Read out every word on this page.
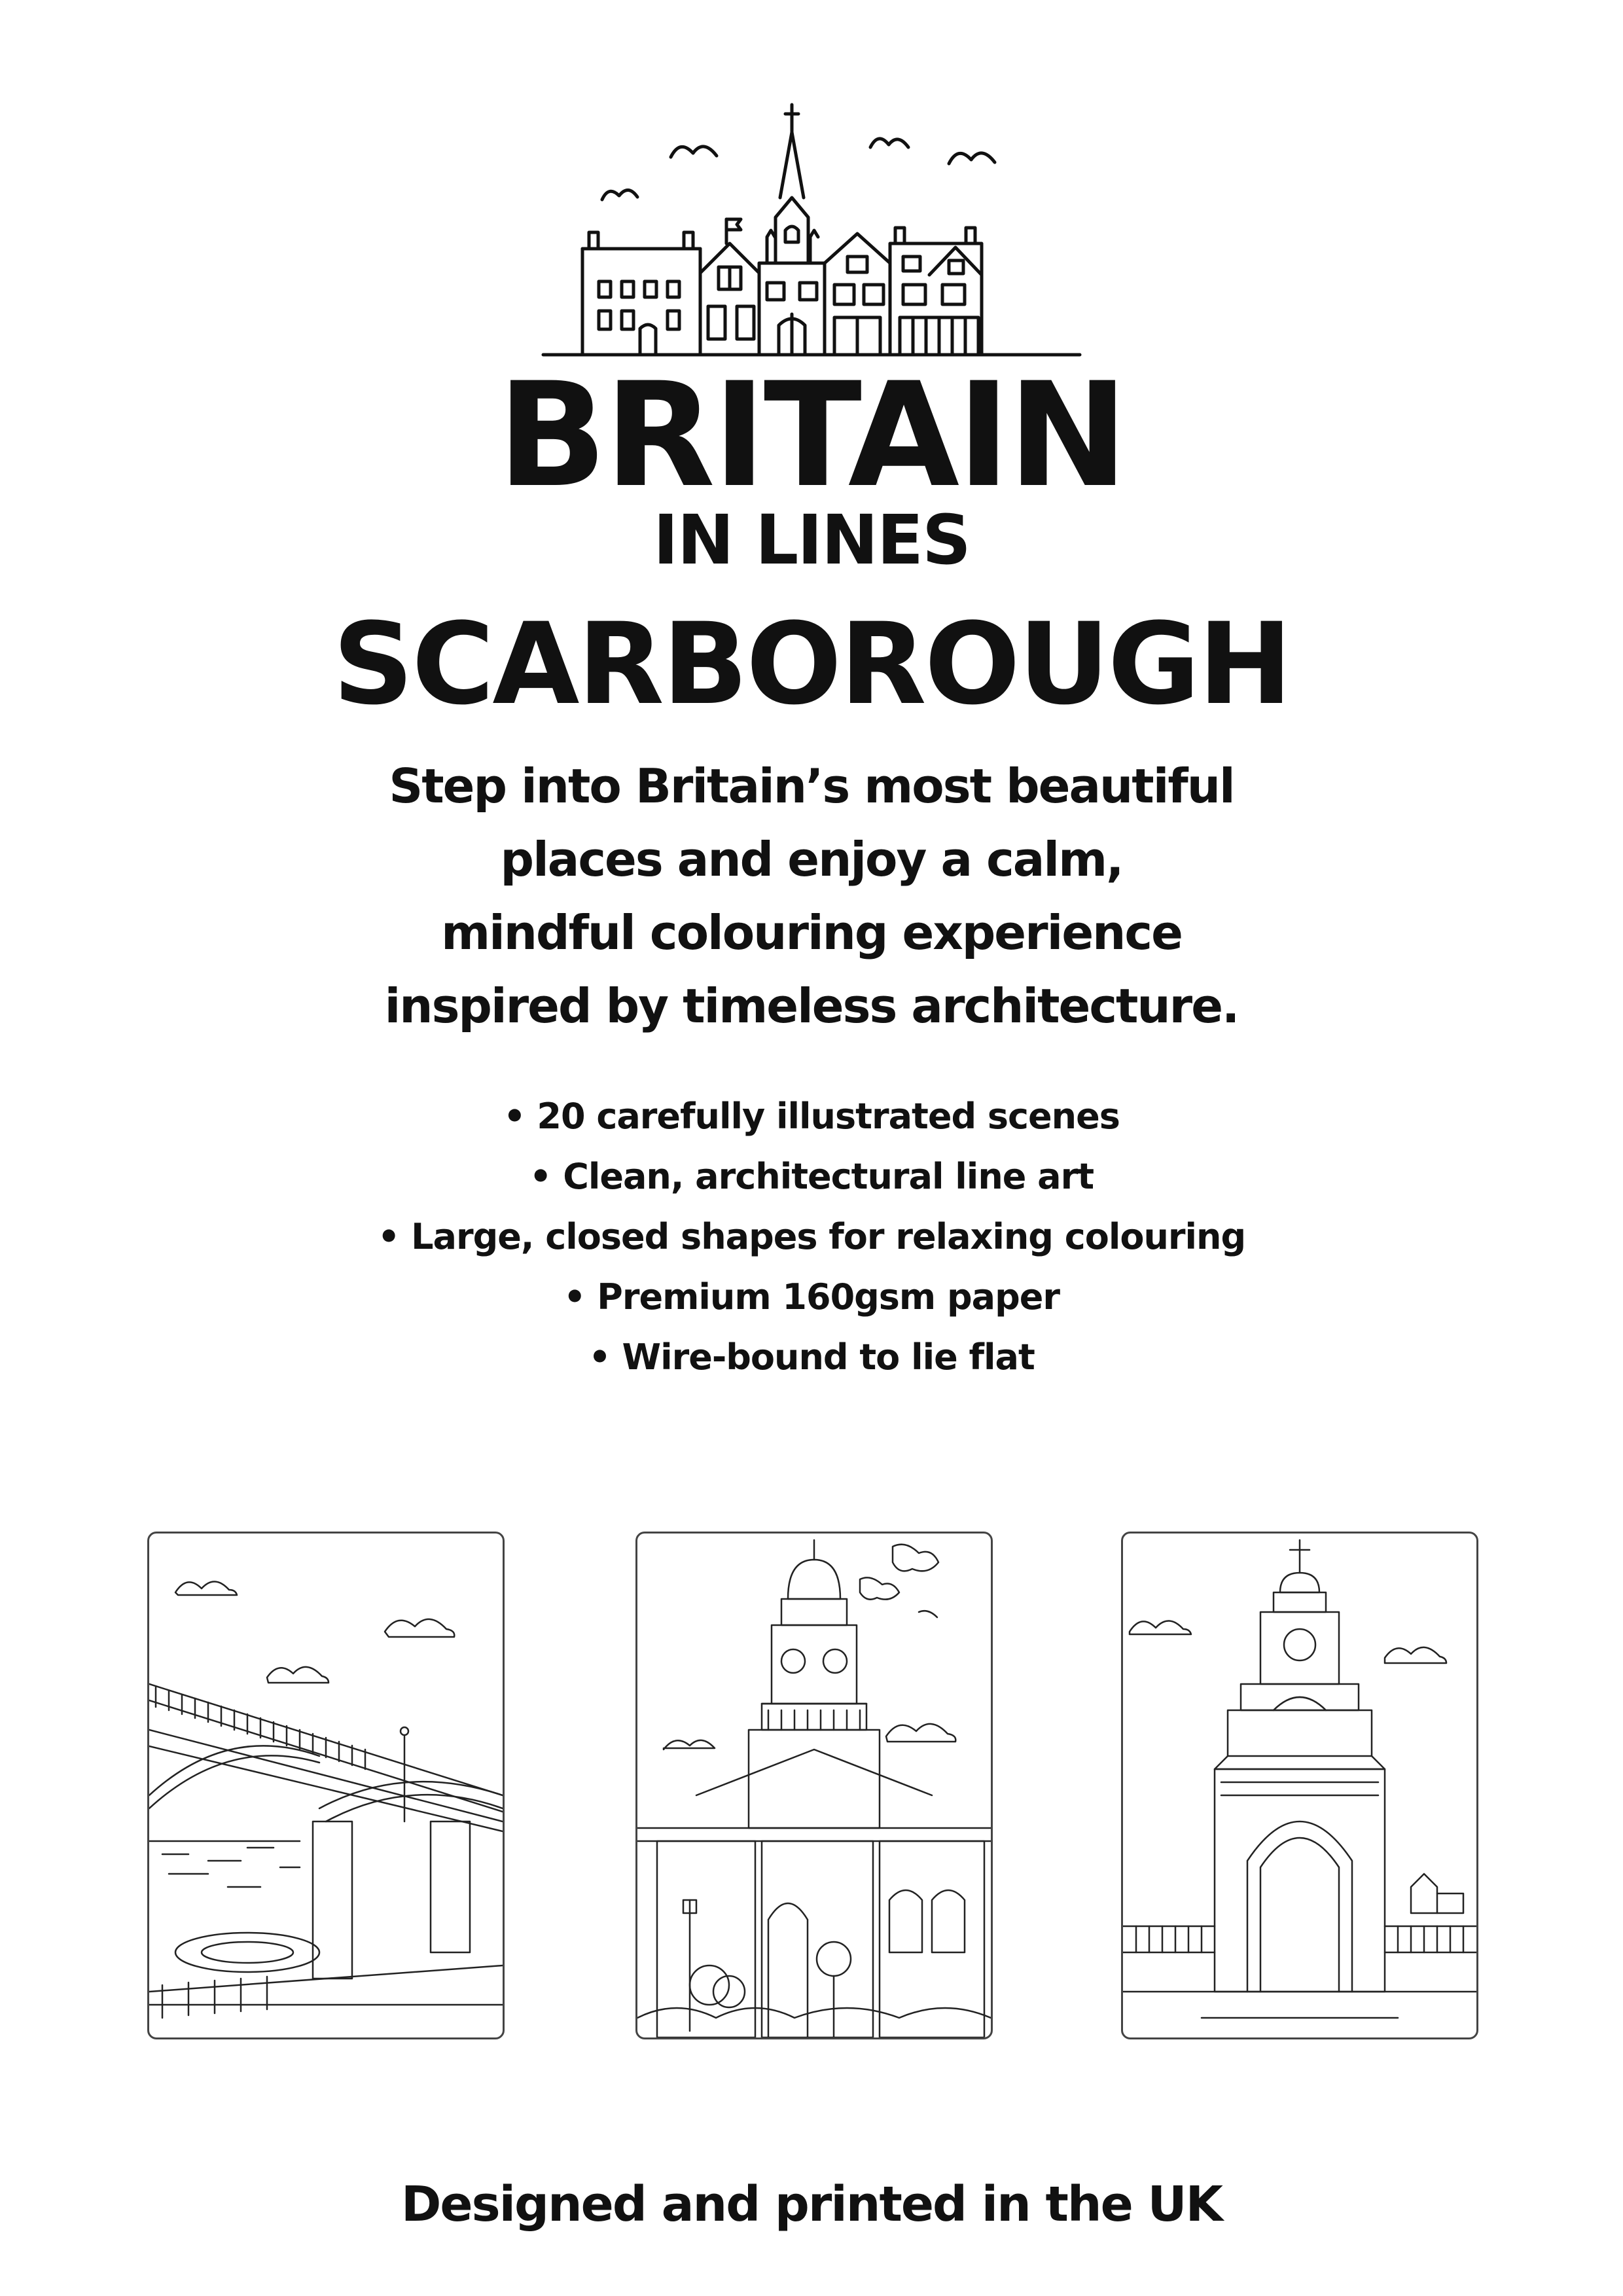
BRITAIN
IN LINES
SCARBOROUGH
Step into Britain’s most beautiful
places and enjoy a calm,
mindful colouring experience
inspired by timeless architecture.
• 20 carefully illustrated scenes
• Clean, architectural line art
• Large, closed shapes for relaxing colouring
• Premium 160gsm paper
• Wire-bound to lie flat
Designed and printed in the UK
